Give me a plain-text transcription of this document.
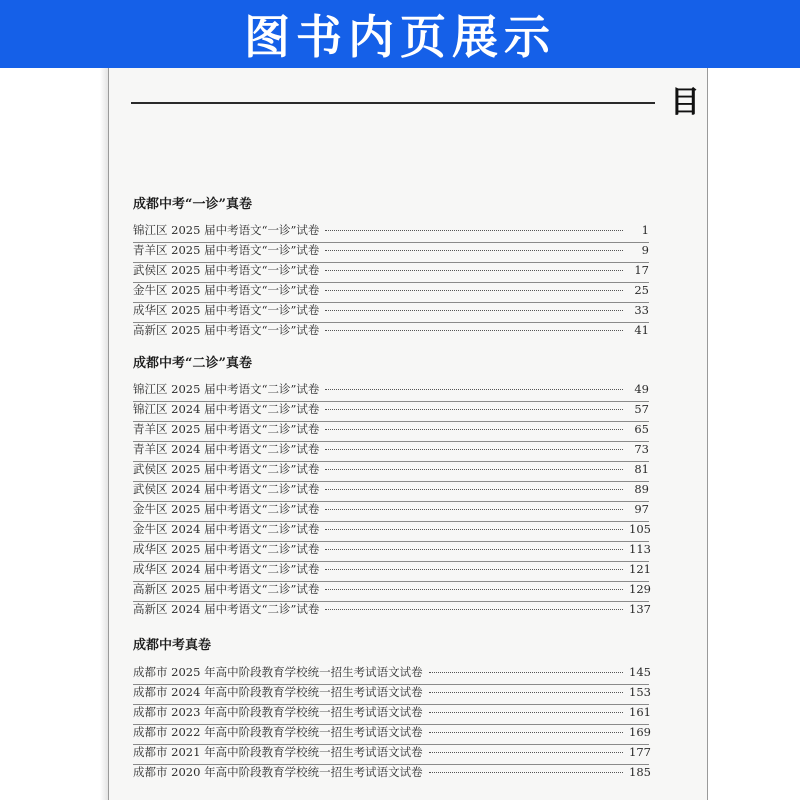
图书内页展示
目
成都中考“一诊”真卷
锦江区 2025 届中考语文“一诊”试卷	1
青羊区 2025 届中考语文“一诊”试卷	9
武侯区 2025 届中考语文“一诊”试卷	17
金牛区 2025 届中考语文“一诊”试卷	25
成华区 2025 届中考语文“一诊”试卷	33
高新区 2025 届中考语文“一诊”试卷	41
成都中考“二诊”真卷
锦江区 2025 届中考语文“二诊”试卷	49
锦江区 2024 届中考语文“二诊”试卷	57
青羊区 2025 届中考语文“二诊”试卷	65
青羊区 2024 届中考语文“二诊”试卷	73
武侯区 2025 届中考语文“二诊”试卷	81
武侯区 2024 届中考语文“二诊”试卷	89
金牛区 2025 届中考语文“二诊”试卷	97
金牛区 2024 届中考语文“二诊”试卷	105
成华区 2025 届中考语文“二诊”试卷	113
成华区 2024 届中考语文“二诊”试卷	121
高新区 2025 届中考语文“二诊”试卷	129
高新区 2024 届中考语文“二诊”试卷	137
成都中考真卷
成都市 2025 年高中阶段教育学校统一招生考试语文试卷	145
成都市 2024 年高中阶段教育学校统一招生考试语文试卷	153
成都市 2023 年高中阶段教育学校统一招生考试语文试卷	161
成都市 2022 年高中阶段教育学校统一招生考试语文试卷	169
成都市 2021 年高中阶段教育学校统一招生考试语文试卷	177
成都市 2020 年高中阶段教育学校统一招生考试语文试卷	185
